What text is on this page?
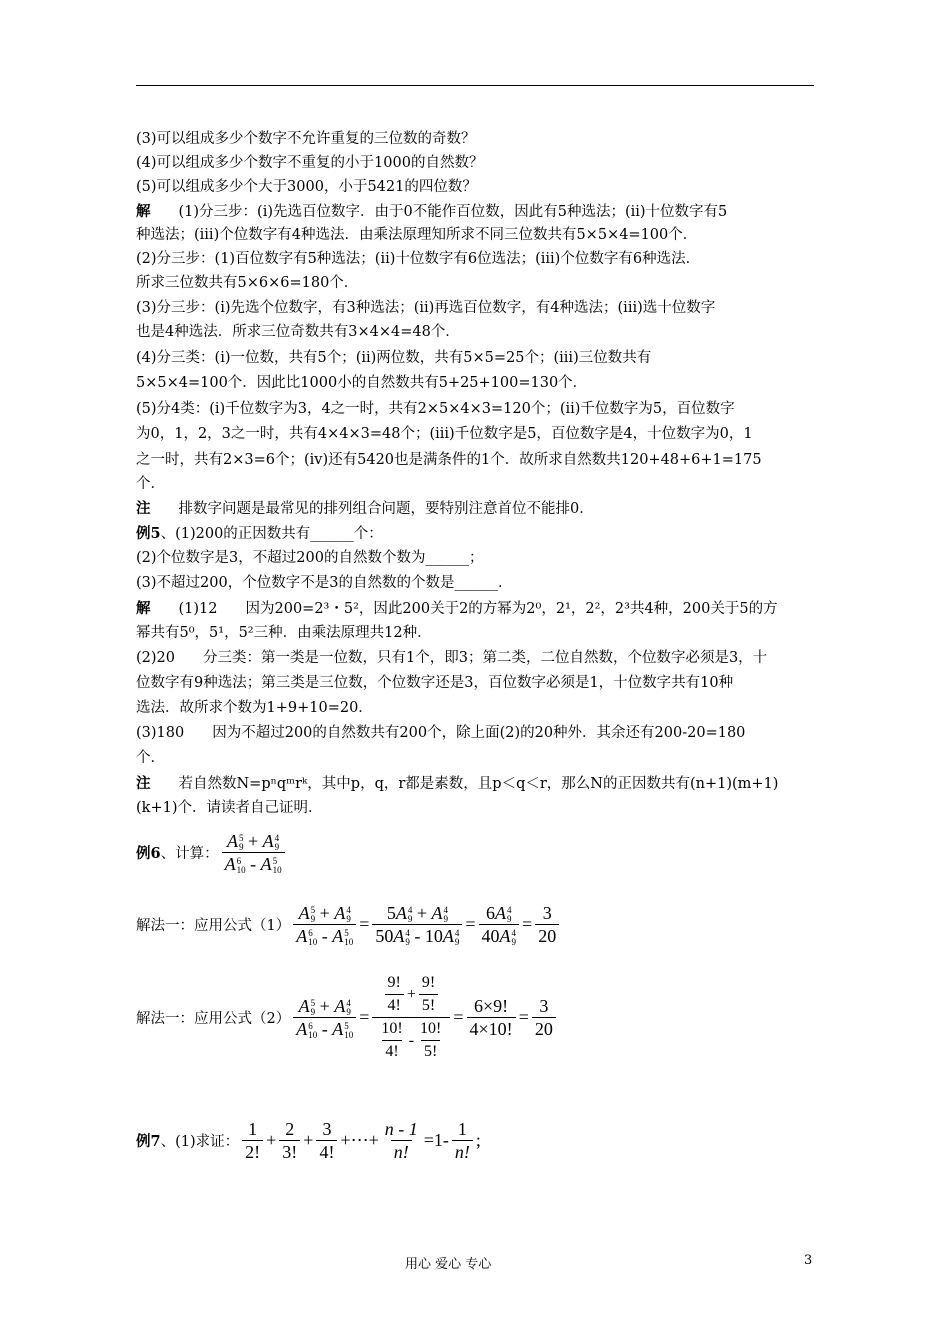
(3)可以组成多少个数字不允许重复的三位数的奇数？
(4)可以组成多少个数字不重复的小于1000的自然数？
(5)可以组成多少个大于3000，小于5421的四位数？
解 (1)分三步：(i)先选百位数字．由于0不能作百位数，因此有5种选法；(ii)十位数字有5
种选法；(iii)个位数字有4种选法．由乘法原理知所求不同三位数共有5×5×4=100个．
(2)分三步：(1)百位数字有5种选法；(ii)十位数字有6位选法；(iii)个位数字有6种选法．
所求三位数共有5×6×6=180个．
(3)分三步：(i)先选个位数字，有3种选法；(ii)再选百位数字，有4种选法；(iii)选十位数字
也是4种选法．所求三位奇数共有3×4×4=48个．
(4)分三类：(i)一位数，共有5个；(ii)两位数，共有5×5=25个；(iii)三位数共有
5×5×4=100个．因此比1000小的自然数共有5+25+100=130个．
(5)分4类：(i)千位数字为3，4之一时，共有2×5×4×3=120个；(ii)千位数字为5，百位数字
为0，1，2，3之一时，共有4×4×3=48个；(iii)千位数字是5，百位数字是4，十位数字为0，1
之一时，共有2×3=6个；(iv)还有5420也是满条件的1个．故所求自然数共120+48+6+1=175
个．
注 排数字问题是最常见的排列组合问题，要特别注意首位不能排0．
例5、(1)200的正因数共有______个：
(2)个位数字是3，不超过200的自然数个数为______；
(3)不超过200，个位数字不是3的自然数的个数是______．
解 (1)12 因为200=2³・5²，因此200关于2的方幂为2⁰，2¹，2²，2³共4种，200关于5的方
幂共有5⁰，5¹，5²三种．由乘法原理共12种．
(2)20 分三类：第一类是一位数，只有1个，即3；第二类，二位自然数，个位数字必须是3，十
位数字有9种选法；第三类是三位数，个位数字还是3，百位数字必须是1，十位数字共有10种
选法．故所求个数为1+9+10=20．
(3)180 因为不超过200的自然数共有200个，除上面(2)的20种外．其余还有200-20=180
个．
注 若自然数N=pⁿqᵐrᵏ，其中p，q，r都是素数，且p＜q＜r，那么N的正因数共有(n+1)(m+1)
(k+1)个．请读者自己证明．
例6、计算： A 5
9 + A 4
9
A 6
10 - A 5
10
解法一：应用公式（1） A 5
9 + A 4
9
A 6
10 - A 5
10 = 5A 4
9 + A 4
9
50A 4
9 - 10A 4
9 = 6A 4
9
40A 4
$9 = \frac{3}{20}$
解法一：应用公式（2） A 5
9 + A 4
9
A 6
10 - A 5
$10 = \frac{\frac{9!}{4!} + \frac{9!}{5!}}{\frac{10!}{4!} - \frac{10!}{5!}} = \frac{6\times 9!}{4\times 10!} = \frac{3}{20}$
例7、(1)求证： $\frac{1}{2!} + \frac{2}{3!} + \frac{3}{4!}$ +⋯+ $\frac{n - 1}{n!} =1- \frac{1}{n!}$ ;
用心 爱心 专心	3
